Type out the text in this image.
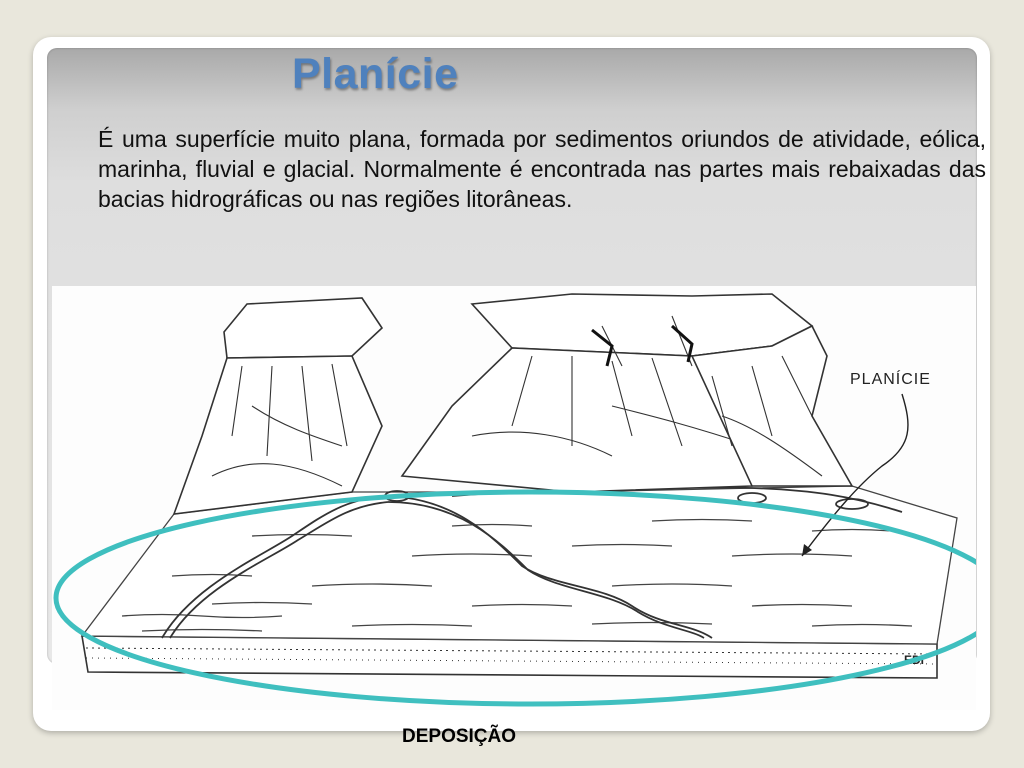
Planície

É uma superfície muito plana, formada por sedimentos oriundos de atividade, eólica, marinha, fluvial e glacial. Normalmente é encontrada nas partes mais rebaixadas das bacias hidrográficas ou nas regiões litorâneas.

PLANÍCIE
EDI

DEPOSIÇÃO
